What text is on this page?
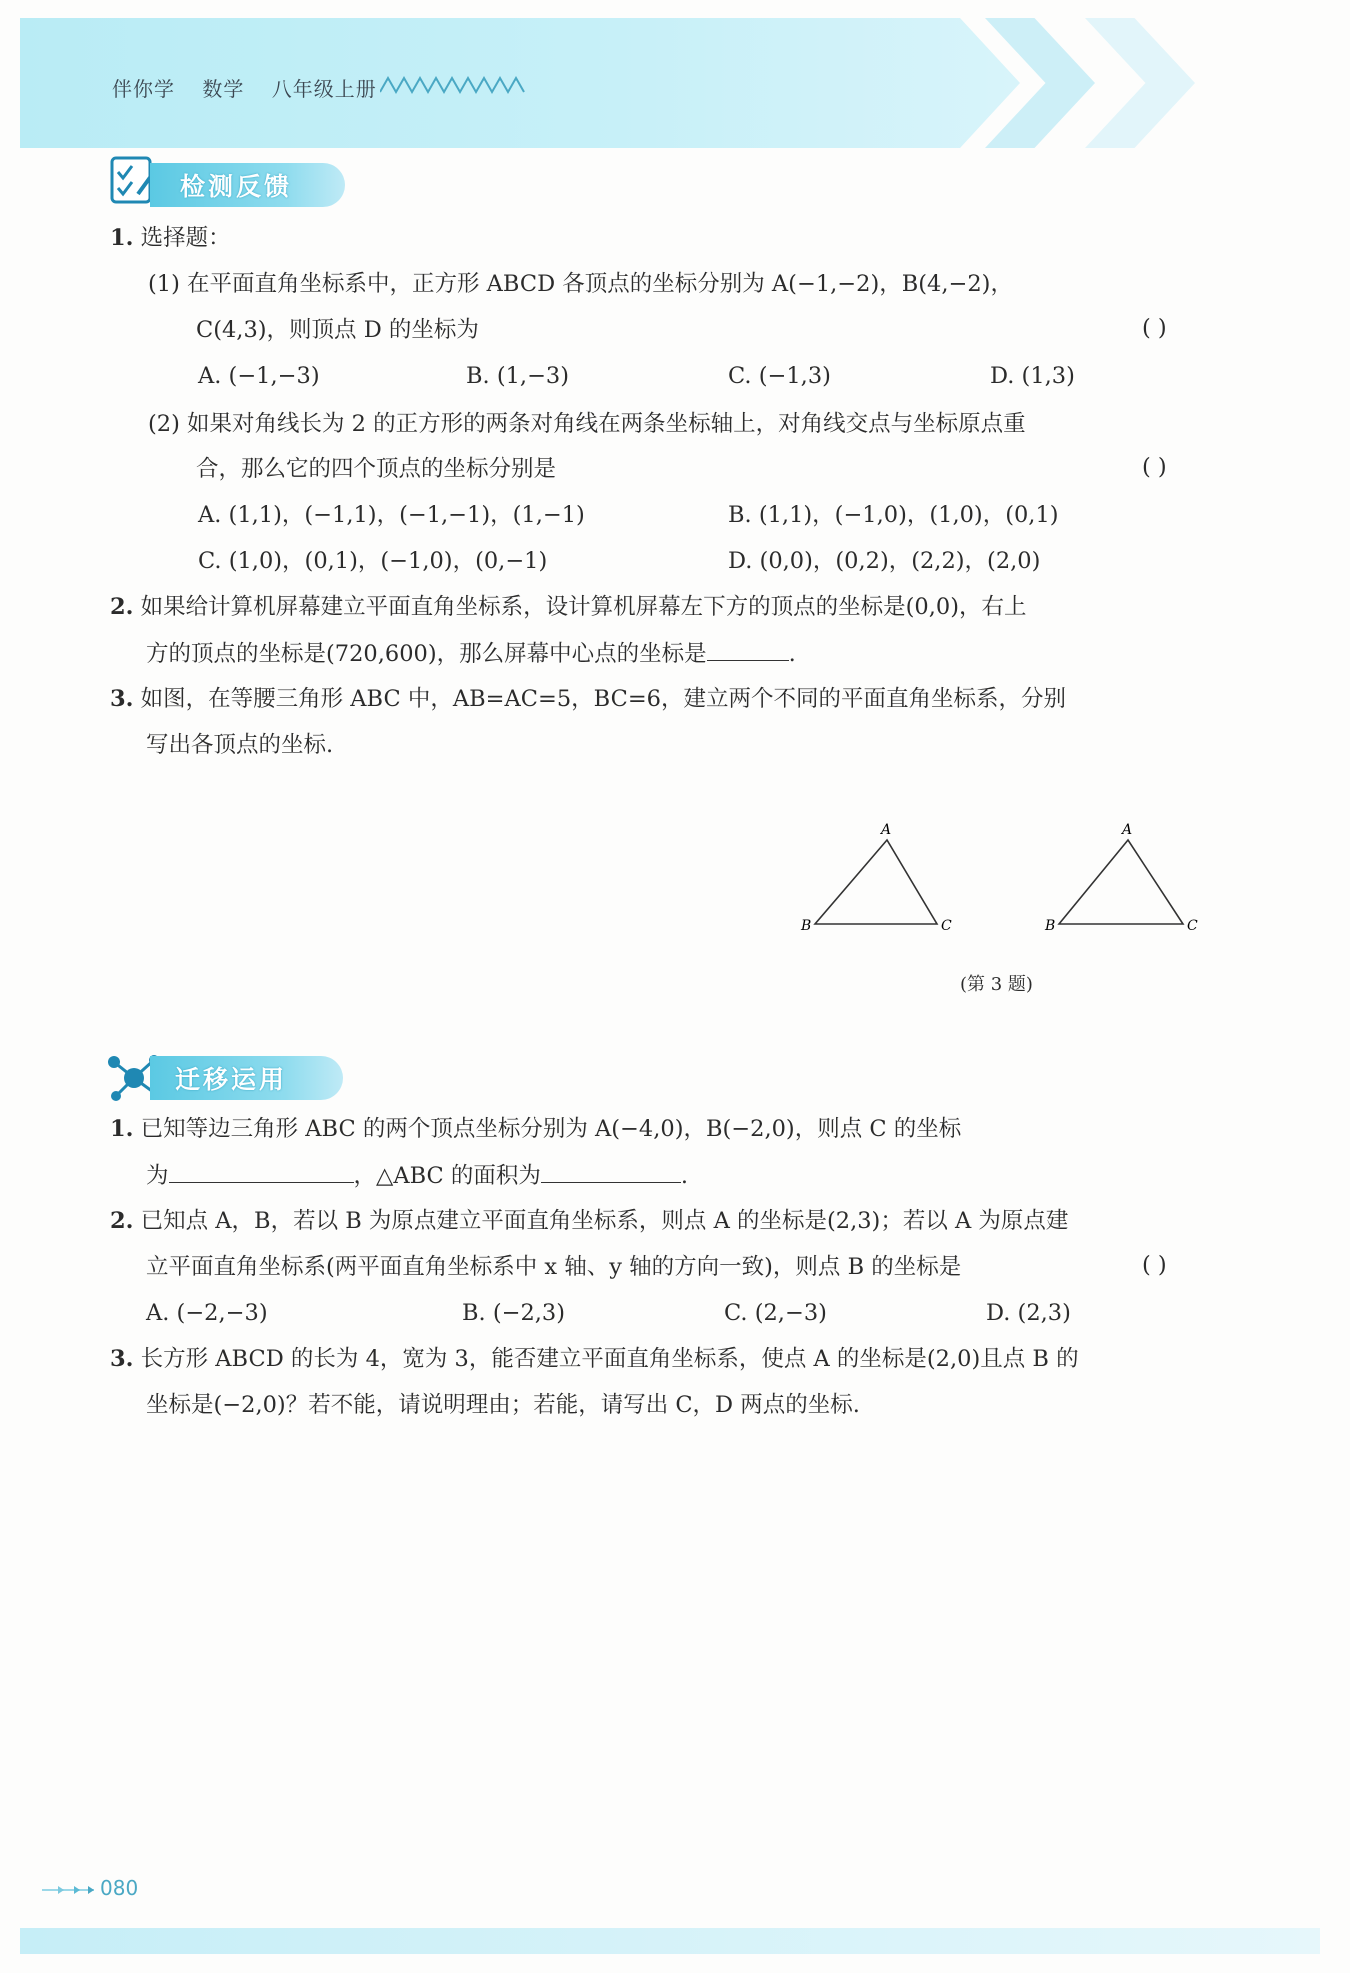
伴你学 数学 八年级上册
检测反馈
1. 选择题：
(1) 在平面直角坐标系中，正方形 ABCD 各顶点的坐标分别为 A(−1,−2)，B(4,−2)，
C(4,3)，则顶点 D 的坐标为	( )
A. (−1,−3)	B. (1,−3)	C. (−1,3)	D. (1,3)
(2) 如果对角线长为 2 的正方形的两条对角线在两条坐标轴上，对角线交点与坐标原点重
合，那么它的四个顶点的坐标分别是	( )
A. (1,1)，(−1,1)，(−1,−1)，(1,−1)	B. (1,1)，(−1,0)，(1,0)，(0,1)
C. (1,0)，(0,1)，(−1,0)，(0,−1)	D. (0,0)，(0,2)，(2,2)，(2,0)
2. 如果给计算机屏幕建立平面直角坐标系，设计算机屏幕左下方的顶点的坐标是(0,0)，右上
方的顶点的坐标是(720,600)，那么屏幕中心点的坐标是	.
3. 如图，在等腰三角形 ABC 中，AB=AC=5，BC=6，建立两个不同的平面直角坐标系，分别
写出各顶点的坐标.
A
B	C
A
B	C
(第 3 题)
迁移运用
1. 已知等边三角形 ABC 的两个顶点坐标分别为 A(−4,0)，B(−2,0)，则点 C 的坐标
为	，△ABC 的面积为	.
2. 已知点 A，B，若以 B 为原点建立平面直角坐标系，则点 A 的坐标是(2,3)；若以 A 为原点建
立平面直角坐标系(两平面直角坐标系中 x 轴、y 轴的方向一致)，则点 B 的坐标是	( )
A. (−2,−3)	B. (−2,3)	C. (2,−3)	D. (2,3)
3. 长方形 ABCD 的长为 4，宽为 3，能否建立平面直角坐标系，使点 A 的坐标是(2,0)且点 B 的
坐标是(−2,0)？若不能，请说明理由；若能，请写出 C，D 两点的坐标.
080
